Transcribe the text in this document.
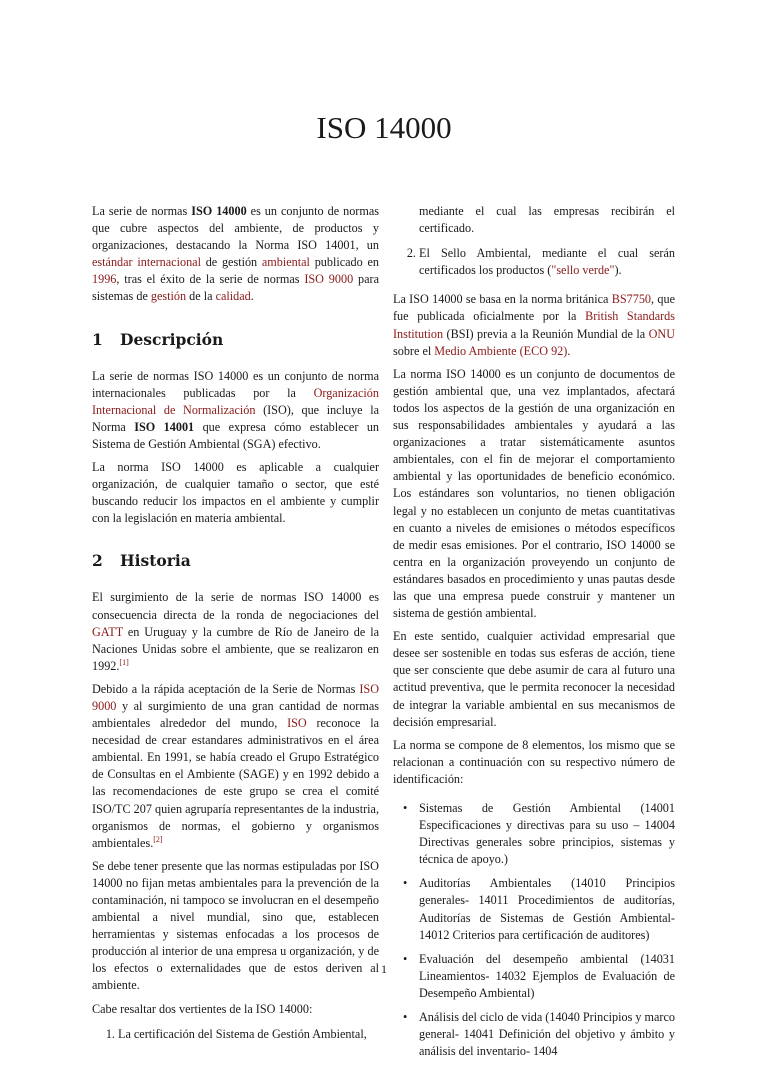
ISO 14000

La serie de normas ISO 14000 es un conjunto de normas que cubre aspectos del ambiente, de productos y organizaciones, destacando la Norma ISO 14001, un estándar internacional de gestión ambiental publicado en 1996, tras el éxito de la serie de normas ISO 9000 para sistemas de gestión de la calidad.

1 Descripción

La serie de normas ISO 14000 es un conjunto de norma internacionales publicadas por la Organización Internacional de Normalización (ISO), que incluye la Norma ISO 14001 que expresa cómo establecer un Sistema de Gestión Ambiental (SGA) efectivo.

La norma ISO 14000 es aplicable a cualquier organización, de cualquier tamaño o sector, que esté buscando reducir los impactos en el ambiente y cumplir con la legislación en materia ambiental.

2 Historia

El surgimiento de la serie de normas ISO 14000 es consecuencia directa de la ronda de negociaciones del GATT en Uruguay y la cumbre de Río de Janeiro de la Naciones Unidas sobre el ambiente, que se realizaron en 1992.[1]

Debido a la rápida aceptación de la Serie de Normas ISO 9000 y al surgimiento de una gran cantidad de normas ambientales alrededor del mundo, ISO reconoce la necesidad de crear estandares administrativos en el área ambiental. En 1991, se había creado el Grupo Estratégico de Consultas en el Ambiente (SAGE) y en 1992 debido a las recomendaciones de este grupo se crea el comité ISO/TC 207 quien agruparía representantes de la industria, organismos de normas, el gobierno y organismos ambientales.[2]

Se debe tener presente que las normas estipuladas por ISO 14000 no fijan metas ambientales para la prevención de la contaminación, ni tampoco se involucran en el desempeño ambiental a nivel mundial, sino que, establecen herramientas y sistemas enfocadas a los procesos de producción al interior de una empresa u organización, y de los efectos o externalidades que de estos deriven al ambiente.

Cabe resaltar dos vertientes de la ISO 14000:

1. La certificación del Sistema de Gestión Ambiental,

mediante el cual las empresas recibirán el certificado.

2. El Sello Ambiental, mediante el cual serán certificados los productos ("sello verde").

La ISO 14000 se basa en la norma británica BS7750, que fue publicada oficialmente por la British Standards Institution (BSI) previa a la Reunión Mundial de la ONU sobre el Medio Ambiente (ECO 92).

La norma ISO 14000 es un conjunto de documentos de gestión ambiental que, una vez implantados, afectará todos los aspectos de la gestión de una organización en sus responsabilidades ambientales y ayudará a las organizaciones a tratar sistemáticamente asuntos ambientales, con el fin de mejorar el comportamiento ambiental y las oportunidades de beneficio económico. Los estándares son voluntarios, no tienen obligación legal y no establecen un conjunto de metas cuantitativas en cuanto a niveles de emisiones o métodos específicos de medir esas emisiones. Por el contrario, ISO 14000 se centra en la organización proveyendo un conjunto de estándares basados en procedimiento y unas pautas desde las que una empresa puede construir y mantener un sistema de gestión ambiental.

En este sentido, cualquier actividad empresarial que desee ser sostenible en todas sus esferas de acción, tiene que ser consciente que debe asumir de cara al futuro una actitud preventiva, que le permita reconocer la necesidad de integrar la variable ambiental en sus mecanismos de decisión empresarial.

La norma se compone de 8 elementos, los mismo que se relacionan a continuación con su respectivo número de identificación:

• Sistemas de Gestión Ambiental (14001 Especificaciones y directivas para su uso – 14004 Directivas generales sobre principios, sistemas y técnica de apoyo.)
• Auditorías Ambientales (14010 Principios generales- 14011 Procedimientos de auditorías, Auditorías de Sistemas de Gestión Ambiental-14012 Criterios para certificación de auditores)
• Evaluación del desempeño ambiental (14031 Lineamientos- 14032 Ejemplos de Evaluación de Desempeño Ambiental)
• Análisis del ciclo de vida (14040 Principios y marco general- 14041 Definición del objetivo y ámbito y análisis del inventario- 1404
1
